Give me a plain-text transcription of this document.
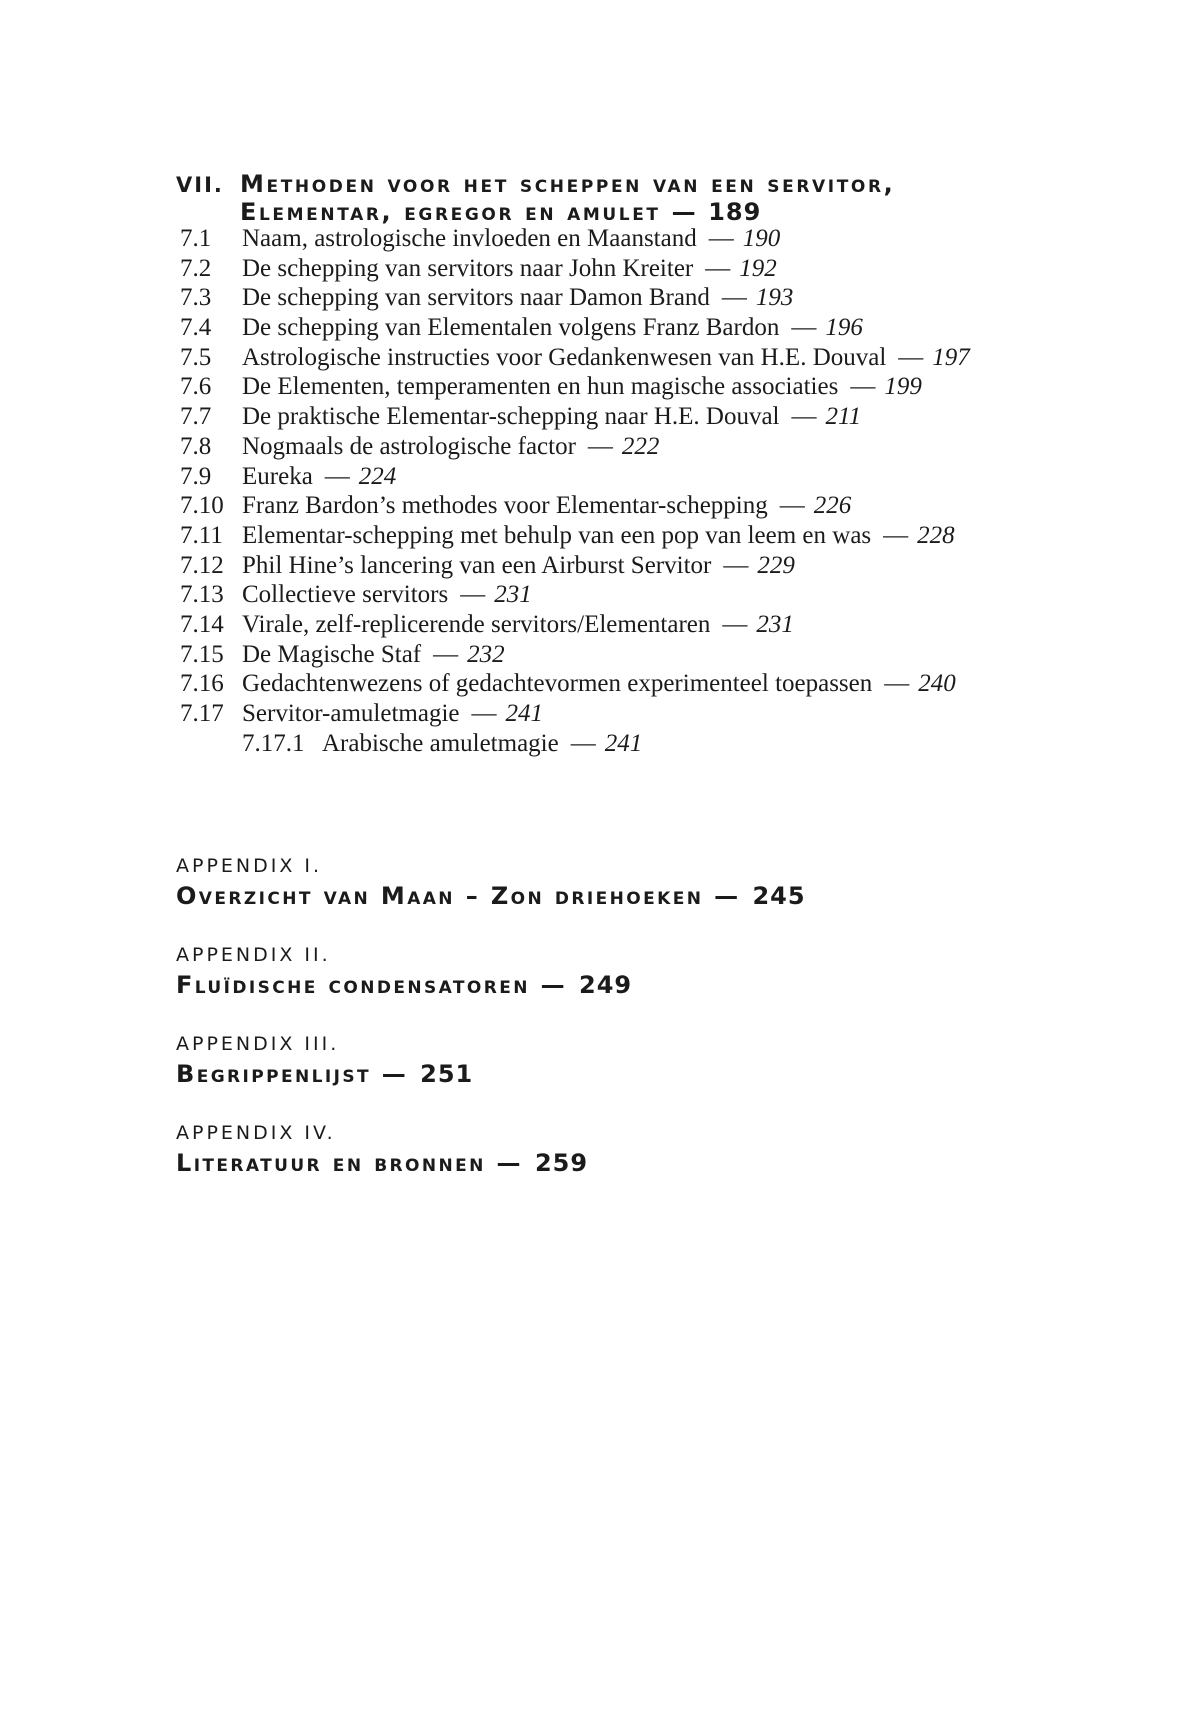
VII. Methoden voor het scheppen van een servitor,
Elementar, egregor en amulet — 189
7.1	Naam, astrologische invloeden en Maanstand — 190
7.2	De schepping van servitors naar John Kreiter — 192
7.3	De schepping van servitors naar Damon Brand — 193
7.4	De schepping van Elementalen volgens Franz Bardon — 196
7.5	Astrologische instructies voor Gedankenwesen van H.E. Douval — 197
7.6	De Elementen, temperamenten en hun magische associaties — 199
7.7	De praktische Elementar-schepping naar H.E. Douval — 211
7.8	Nogmaals de astrologische factor — 222
7.9	Eureka — 224
7.10 Franz Bardon’s methodes voor Elementar-schepping — 226
7.11 Elementar-schepping met behulp van een pop van leem en was — 228
7.12 Phil Hine’s lancering van een Airburst Servitor — 229
7.13 Collectieve servitors — 231
7.14 Virale, zelf-replicerende servitors/Elementaren — 231
7.15 De Magische Staf — 232
7.16 Gedachtenwezens of gedachtevormen experimenteel toepassen — 240
7.17 Servitor-amuletmagie — 241
7.17.1 Arabische amuletmagie — 241
APPENDIX I.
Overzicht van Maan – Zon driehoeken — 245
APPENDIX II.
Fluïdische condensatoren — 249
APPENDIX III.
Begrippenlijst — 251
APPENDIX IV.
Literatuur en bronnen — 259
